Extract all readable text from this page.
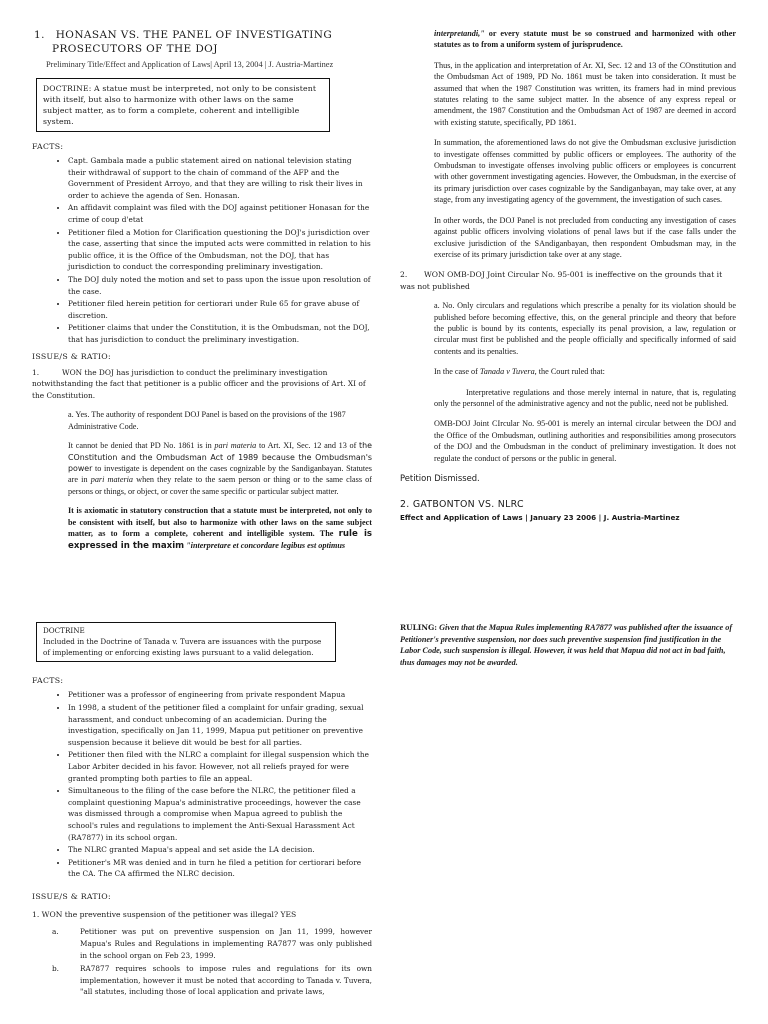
1. HONASAN VS. THE PANEL OF INVESTIGATING
PROSECUTORS OF THE DOJ
Preliminary Title/Effect and Application of Laws| April 13, 2004 | J. Austria-Martinez
DOCTRINE: A statue must be interpreted, not only to be consistent with itself, but also to harmonize with other laws on the same subject matter, as to form a complete, coherent and intelligible system.
FACTS:
• Capt. Gambala made a public statement aired on national television stating their withdrawal of support to the chain of command of the AFP and the Government of President Arroyo, and that they are willing to risk their lives in order to achieve the agenda of Sen. Honasan.
• An affidavit complaint was filed with the DOJ against petitioner Honasan for the crime of coup d'etat
• Petitioner filed a Motion for Clarification questioning the DOJ's jurisdiction over the case, asserting that since the imputed acts were committed in relation to his public office, it is the Office of the Ombudsman, not the DOJ, that has jurisdiction to conduct the corresponding preliminary investigation.
• The DOJ duly noted the motion and set to pass upon the issue upon resolution of the case.
• Petitioner filed herein petition for certiorari under Rule 65 for grave abuse of discretion.
• Petitioner claims that under the Constitution, it is the Ombudsman, not the DOJ, that has jurisdiction to conduct the preliminary investigation.
ISSUE/S & RATIO:
1.	WON the DOJ has jurisdiction to conduct the preliminary investigation notwithstanding the fact that petitioner is a public officer and the provisions of Art. XI of the Constitution.
a. Yes. The authority of respondent DOJ Panel is based on the provisions of the 1987 Administrative Code.
It cannot be denied that PD No. 1861 is in pari materia to Art. XI, Sec. 12 and 13 of the COnstitution and the Ombudsman Act of 1989 because the Ombudsman's power to investigate is dependent on the cases cognizable by the Sandiganbayan. Statutes are in pari materia when they relate to the saem person or thing or to the same class of persons or things, or object, or cover the same specific or particular subject matter.
It is axiomatic in statutory construction that a statute must be interpreted, not only to be consistent with itself, but also to harmonize with other laws on the same subject matter, as to form a complete, coherent and intelligible system. The rule is expressed in the maxim "interpretare et concordare legibus est optimus
interpretandi," or every statute must be so construed and harmonized with other statutes as to from a uniform system of jurisprudence.
Thus, in the application and interpretation of Ar. XI, Sec. 12 and 13 of the COnstitution and the Ombudsman Act of 1989, PD No. 1861 must be taken into consideration. It must be assumed that when the 1987 Constitution was written, its framers had in mind previous statutes relating to the same subject matter. In the absence of any express repeal or amendment, the 1987 Constitution and the Ombudsman Act of 1987 are deemed in accord with existing statute, specifically, PD 1861.
In summation, the aforementioned laws do not give the Ombudsman exclusive jurisdiction to investigate offenses committed by public officers or employees. The authority of the Ombudsman to investigate offenses involving public officers or employees is concurrent with other government investigating agencies. However, the Ombudsman, in the exercise of its primary jurisdiction over cases cognizable by the Sandiganbayan, may take over, at any stage, from any investigating agency of the government, the investigation of such cases.
In other words, the DOJ Panel is not precluded from conducting any investigation of cases against public officers involving violations of penal laws but if the case falls under the exclusive jurisdiction of the SAndiganbayan, then respondent Ombudsman may, in the exercise of its primary jurisdiction take over at any stage.
2. WON OMB-DOJ Joint Circular No. 95-001 is ineffective on the grounds that it was not published
a. No. Only circulars and regulations which prescribe a penalty for its violation should be published before becoming effective, this, on the general principle and theory that before the public is bound by its contents, especially its penal provision, a law, regulation or circular must first be published and the people officially and specifically informed of said contents and its penalties.
In the case of Tanada v Tuvera, the Court ruled that:
Interpretative regulations and those merely internal in nature, that is, regulating only the personnel of the administrative agency and not the public, need not be published.
OMB-DOJ Joint CIrcular No. 95-001 is merely an internal circular between the DOJ and the Office of the Ombudsman, outlining authorities and responsibilities among prosecutors of the DOJ and the Ombudsman in the conduct of preliminary investigation. It does not regulate the conduct of persons or the public in general.
Petition Dismissed.
2. GATBONTON VS. NLRC
Effect and Application of Laws | January 23 2006 | J. Austria-Martinez
DOCTRINE
Included in the Doctrine of Tanada v. Tuvera are issuances with the purpose of implementing or enforcing existing laws pursuant to a valid delegation.
FACTS:
• Petitioner was a professor of engineering from private respondent Mapua
• In 1998, a student of the petitioner filed a complaint for unfair grading, sexual harassment, and conduct unbecoming of an academician. During the investigation, specifically on Jan 11, 1999, Mapua put petitioner on preventive suspension because it believe dit would be best for all parties.
• Petitioner then filed with the NLRC a complaint for illegal suspension which the Labor Arbiter decided in his favor. However, not all reliefs prayed for were granted prompting both parties to file an appeal.
• Simultaneous to the filing of the case before the NLRC, the petitioner filed a complaint questioning Mapua's administrative proceedings, however the case was dismissed through a compromise when Mapua agreed to publish the school's rules and regulations to implement the Anti-Sexual Harassment Act (RA7877) in its school organ.
• The NLRC granted Mapua's appeal and set aside the LA decision.
• Petitioner's MR was denied and in turn he filed a petition for certiorari before the CA. The CA affirmed the NLRC decision.
ISSUE/S & RATIO:
1. WON the preventive suspension of the petitioner was illegal? YES
a.	Petitioner was put on preventive suspension on Jan 11, 1999, however Mapua's Rules and Regulations in implementing RA7877 was only published in the school organ on Feb 23, 1999.
b.	RA7877 requires schools to impose rules and regulations for its own implementation, however it must be noted that according to Tanada v. Tuvera, "all statutes, including those of local application and private laws,
RULING: Given that the Mapua Rules implementing RA7877 was published after the issuance of Petitioner's preventive suspension, nor does such preventive suspension find justification in the Labor Code, such suspension is illegal. However, it was held that Mapua did not act in bad faith, thus damages may not be awarded.
